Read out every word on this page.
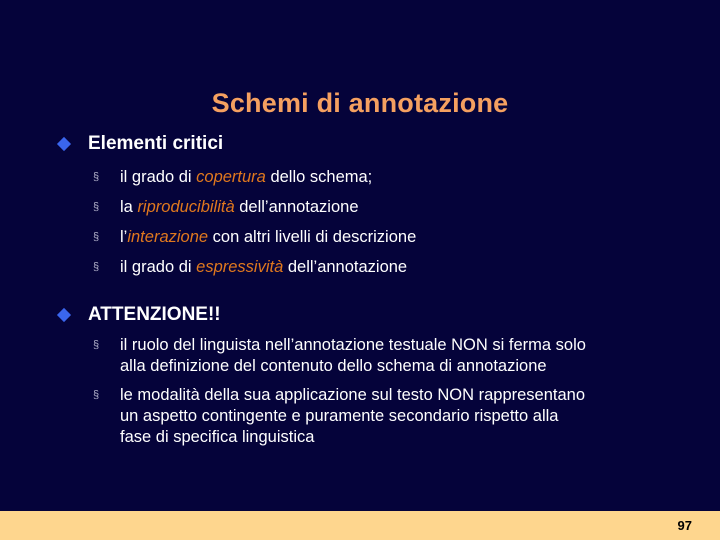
Schemi di annotazione
Elementi critici
§ il grado di copertura dello schema;
§ la riproducibilità dell’annotazione
§ l’interazione con altri livelli di descrizione
§ il grado di espressività dell’annotazione
ATTENZIONE!!
§ il ruolo del linguista nell’annotazione testuale NON si ferma solo
alla definizione del contenuto dello schema di annotazione
§ le modalità della sua applicazione sul testo NON rappresentano
un aspetto contingente e puramente secondario rispetto alla
fase di specifica linguistica
97
